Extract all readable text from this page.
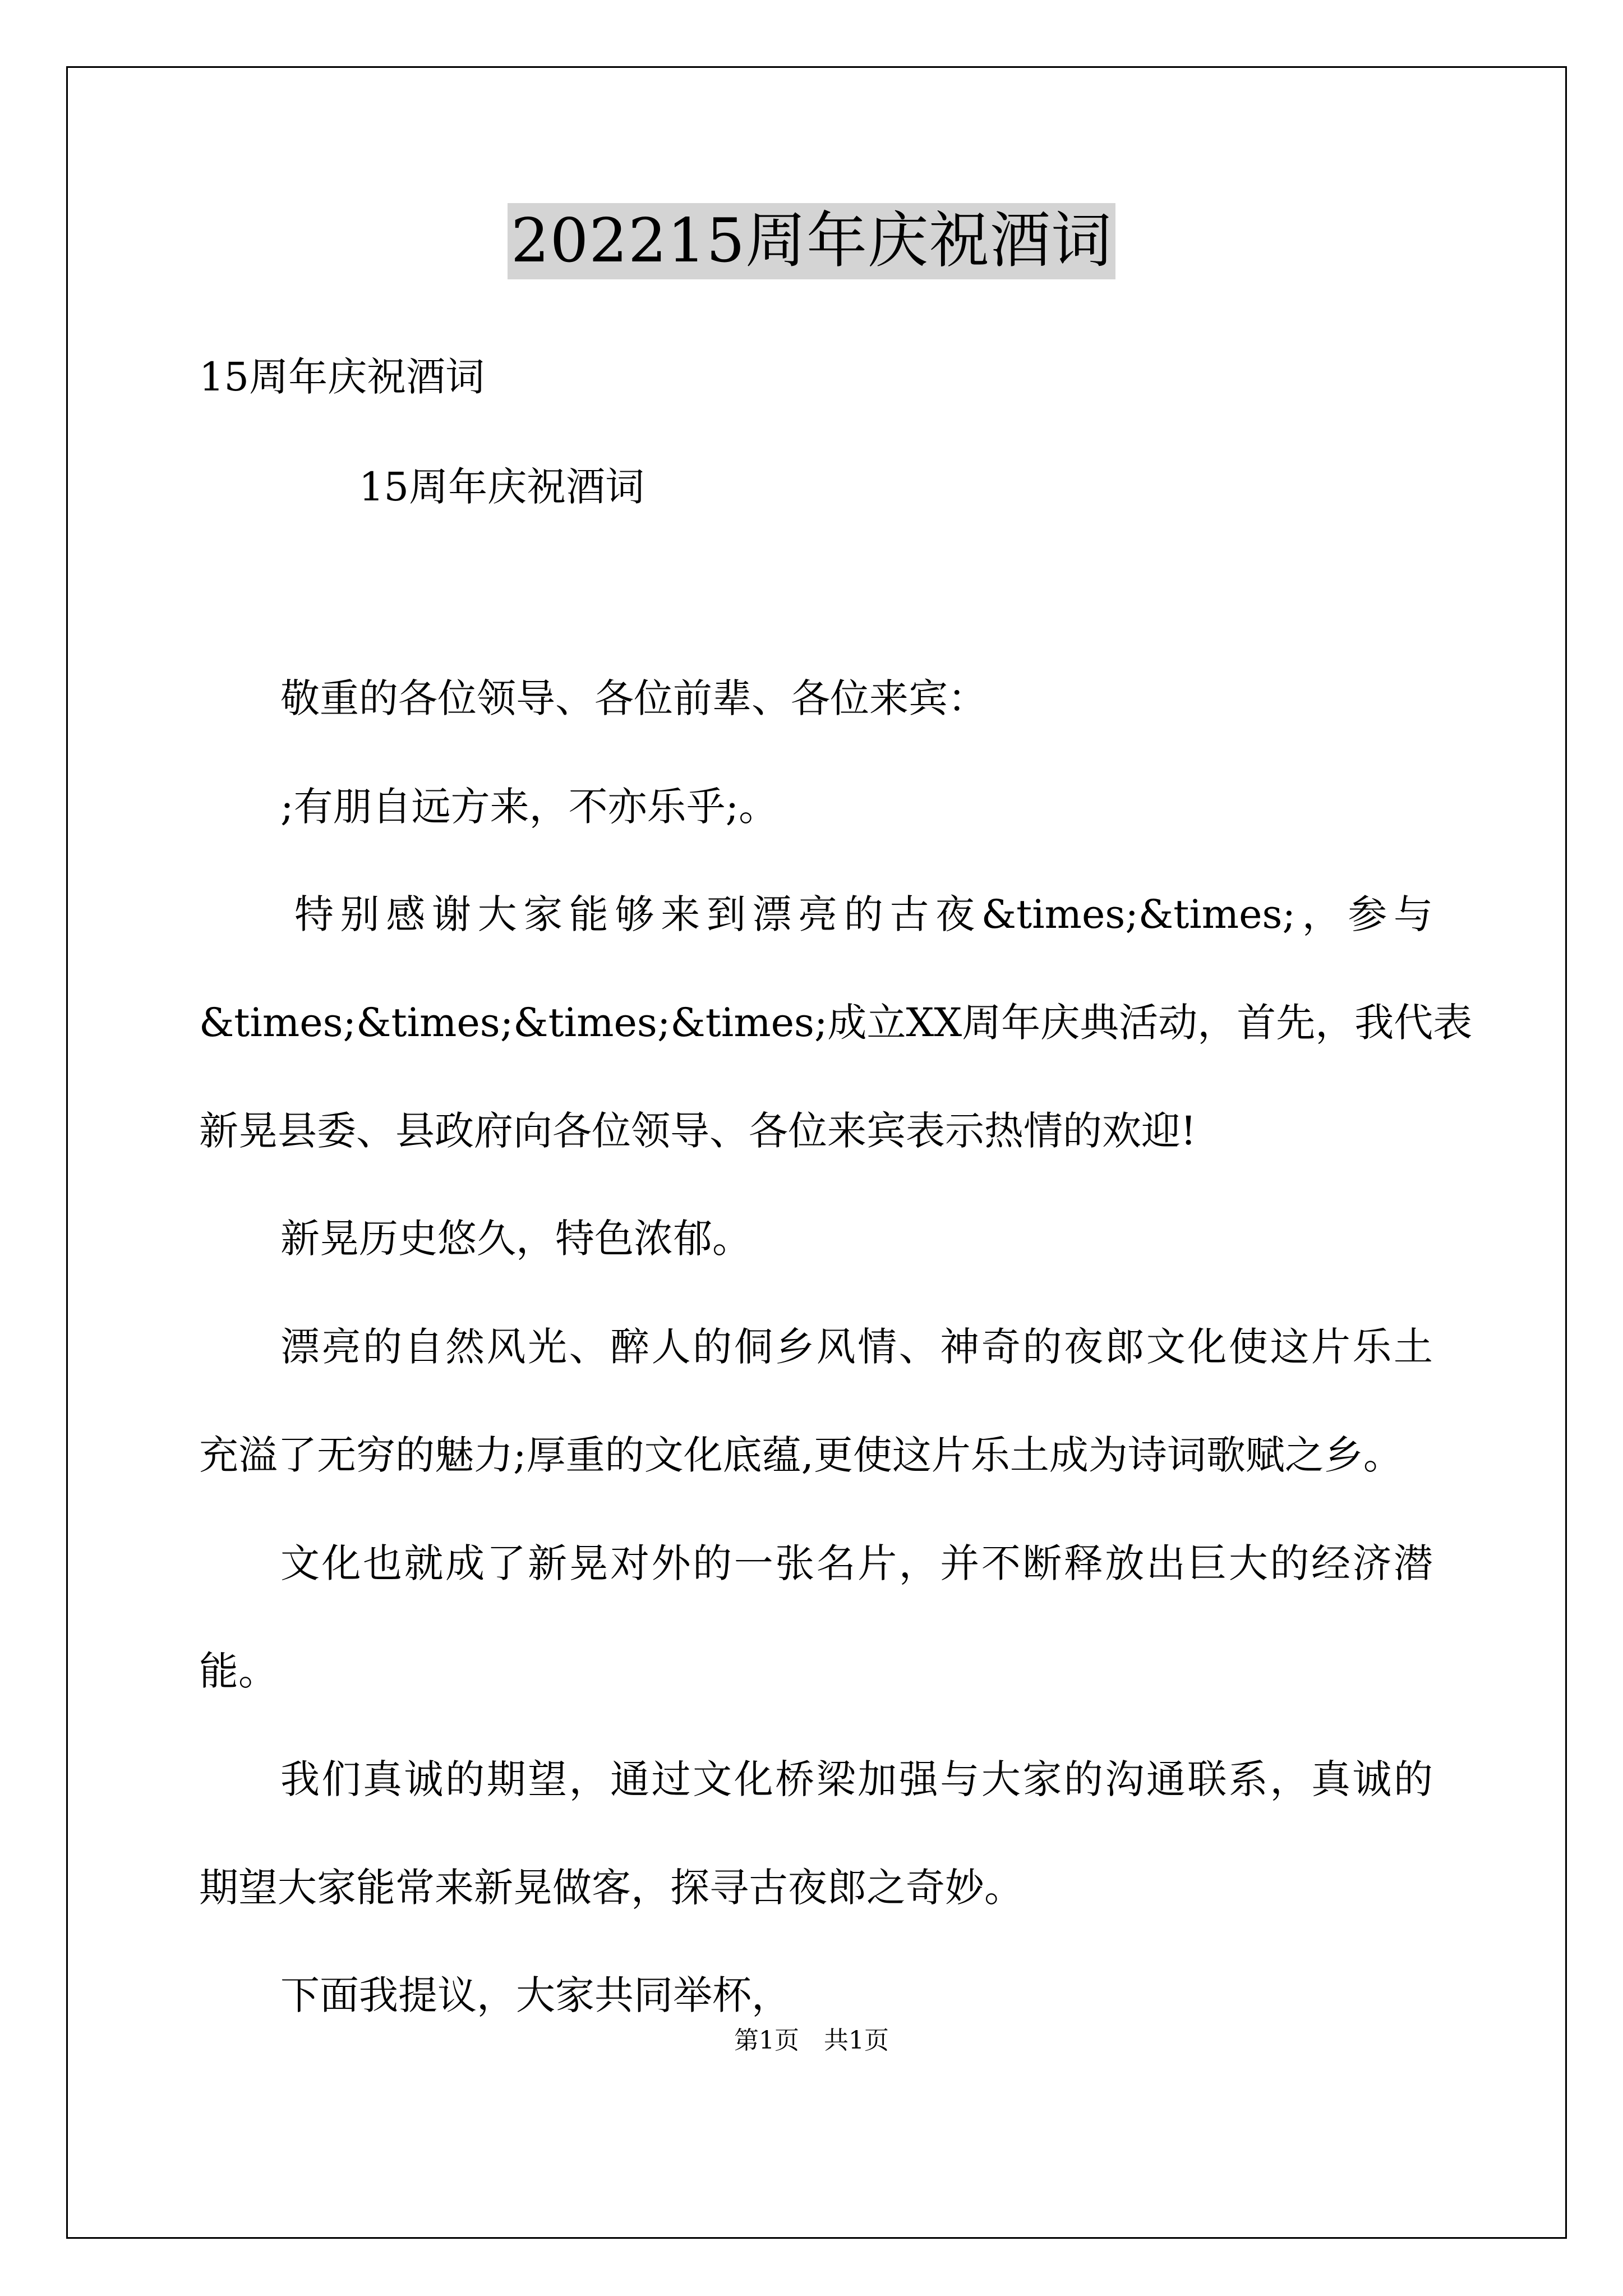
202215周年庆祝酒词
15周年庆祝酒词
15周年庆祝酒词
敬重的各位领导、各位前辈、各位来宾：
;有朋自远方来，不亦乐乎;。
特别感谢大家能够来到漂亮的古夜&times;&times;，参与
&times;&times;&times;&times;成立XX周年庆典活动，首先，我代表
新晃县委、县政府向各位领导、各位来宾表示热情的欢迎!
新晃历史悠久，特色浓郁。
漂亮的自然风光、醉人的侗乡风情、神奇的夜郎文化使这片乐土
充溢了无穷的魅力;厚重的文化底蕴,更使这片乐土成为诗词歌赋之乡。
文化也就成了新晃对外的一张名片，并不断释放出巨大的经济潜
能。
我们真诚的期望，通过文化桥梁加强与大家的沟通联系，真诚的
期望大家能常来新晃做客，探寻古夜郎之奇妙。
下面我提议，大家共同举杯，
第1页　共1页
